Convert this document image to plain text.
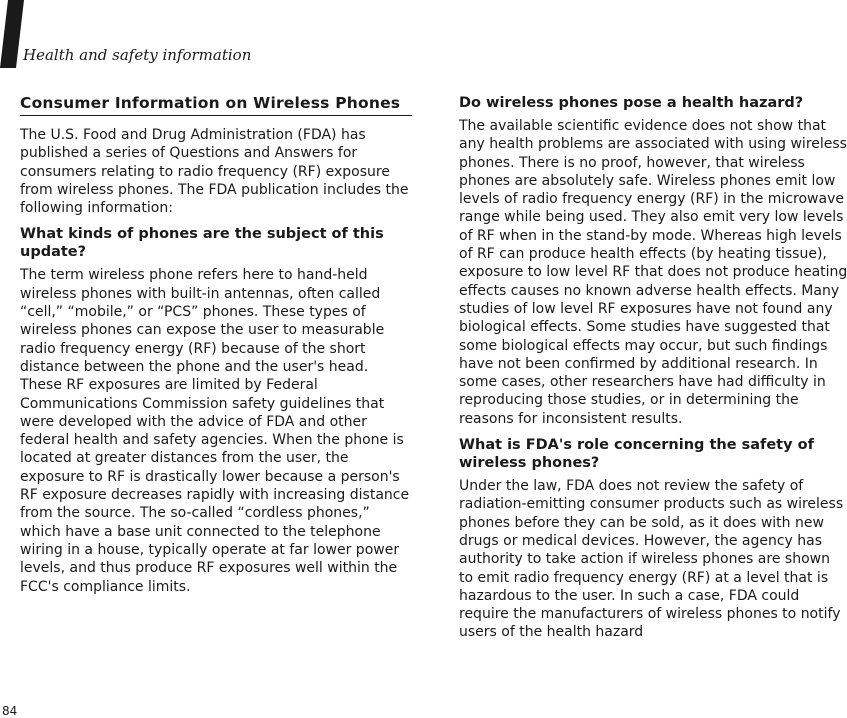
Health and safety information
Consumer Information on Wireless Phones

The U.S. Food and Drug Administration (FDA) has published a series of Questions and Answers for consumers relating to radio frequency (RF) exposure from wireless phones. The FDA publication includes the following information:

What kinds of phones are the subject of this update?

The term wireless phone refers here to hand-held wireless phones with built-in antennas, often called “cell,” “mobile,” or “PCS” phones. These types of wireless phones can expose the user to measurable radio frequency energy (RF) because of the short distance between the phone and the user's head. These RF exposures are limited by Federal Communications Commission safety guidelines that were developed with the advice of FDA and other federal health and safety agencies. When the phone is located at greater distances from the user, the exposure to RF is drastically lower because a person's RF exposure decreases rapidly with increasing distance from the source. The so-called “cordless phones,” which have a base unit connected to the telephone wiring in a house, typically operate at far lower power levels, and thus produce RF exposures well within the FCC's compliance limits.

Do wireless phones pose a health hazard?

The available scientific evidence does not show that any health problems are associated with using wireless phones. There is no proof, however, that wireless phones are absolutely safe. Wireless phones emit low levels of radio frequency energy (RF) in the microwave range while being used. They also emit very low levels of RF when in the stand-by mode. Whereas high levels of RF can produce health effects (by heating tissue), exposure to low level RF that does not produce heating effects causes no known adverse health effects. Many studies of low level RF exposures have not found any biological effects. Some studies have suggested that some biological effects may occur, but such findings have not been confirmed by additional research. In some cases, other researchers have had difficulty in reproducing those studies, or in determining the reasons for inconsistent results.

What is FDA's role concerning the safety of wireless phones?

Under the law, FDA does not review the safety of radiation-emitting consumer products such as wireless phones before they can be sold, as it does with new drugs or medical devices. However, the agency has authority to take action if wireless phones are shown to emit radio frequency energy (RF) at a level that is hazardous to the user. In such a case, FDA could require the manufacturers of wireless phones to notify users of the health hazard

84
